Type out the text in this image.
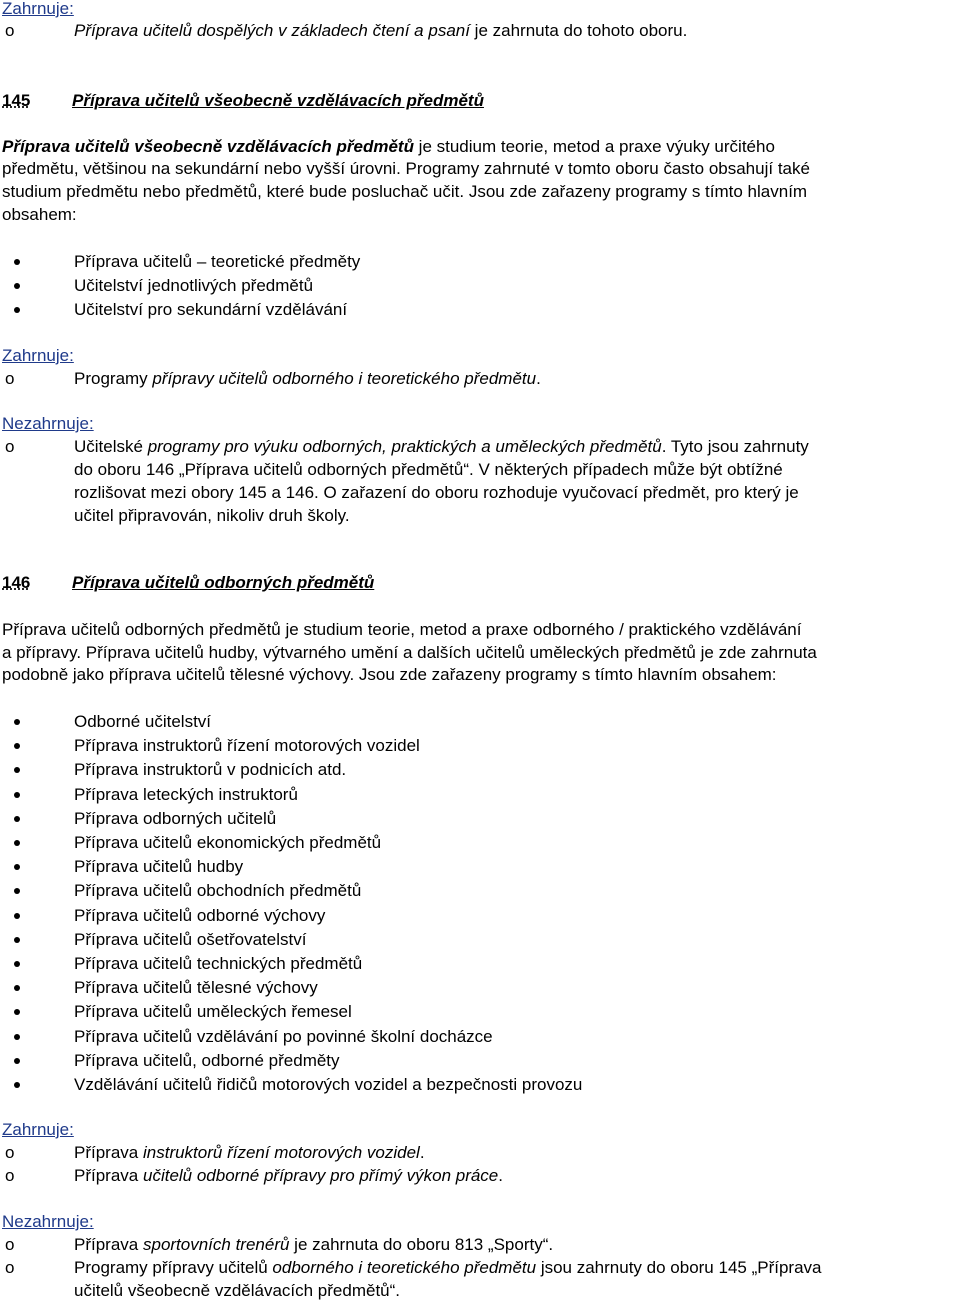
Zahrnuje:
o	Příprava učitelů dospělých v základech čtení a psaní je zahrnuta do tohoto oboru.
145 Příprava učitelů všeobecně vzdělávacích předmětů
Příprava učitelů všeobecně vzdělávacích předmětů je studium teorie, metod a praxe výuky určitého
předmětu, většinou na sekundární nebo vyšší úrovni. Programy zahrnuté v tomto oboru často obsahují také
studium předmětu nebo předmětů, které bude posluchač učit. Jsou zde zařazeny programy s tímto hlavním
obsahem:
Příprava učitelů – teoretické předměty
Učitelství jednotlivých předmětů
Učitelství pro sekundární vzdělávání
Zahrnuje:
o	Programy přípravy učitelů odborného i teoretického předmětu.
Nezahrnuje:
o	Učitelské programy pro výuku odborných, praktických a uměleckých předmětů. Tyto jsou zahrnuty
do oboru 146 „Příprava učitelů odborných předmětů“. V některých případech může být obtížné
rozlišovat mezi obory 145 a 146. O zařazení do oboru rozhoduje vyučovací předmět, pro který je
učitel připravován, nikoliv druh školy.
146 Příprava učitelů odborných předmětů
Příprava učitelů odborných předmětů je studium teorie, metod a praxe odborného / praktického vzdělávání
a přípravy. Příprava učitelů hudby, výtvarného umění a dalších učitelů uměleckých předmětů je zde zahrnuta
podobně jako příprava učitelů tělesné výchovy. Jsou zde zařazeny programy s tímto hlavním obsahem:
Odborné učitelství
Příprava instruktorů řízení motorových vozidel
Příprava instruktorů v podnicích atd.
Příprava leteckých instruktorů
Příprava odborných učitelů
Příprava učitelů ekonomických předmětů
Příprava učitelů hudby
Příprava učitelů obchodních předmětů
Příprava učitelů odborné výchovy
Příprava učitelů ošetřovatelství
Příprava učitelů technických předmětů
Příprava učitelů tělesné výchovy
Příprava učitelů uměleckých řemesel
Příprava učitelů vzdělávání po povinné školní docházce
Příprava učitelů, odborné předměty
Vzdělávání učitelů řidičů motorových vozidel a bezpečnosti provozu
Zahrnuje:
o	Příprava instruktorů řízení motorových vozidel.
o	Příprava učitelů odborné přípravy pro přímý výkon práce.
Nezahrnuje:
o	Příprava sportovních trenérů je zahrnuta do oboru 813 „Sporty“.
o	Programy přípravy učitelů odborného i teoretického předmětu jsou zahrnuty do oboru 145 „Příprava
učitelů všeobecně vzdělávacích předmětů“.
